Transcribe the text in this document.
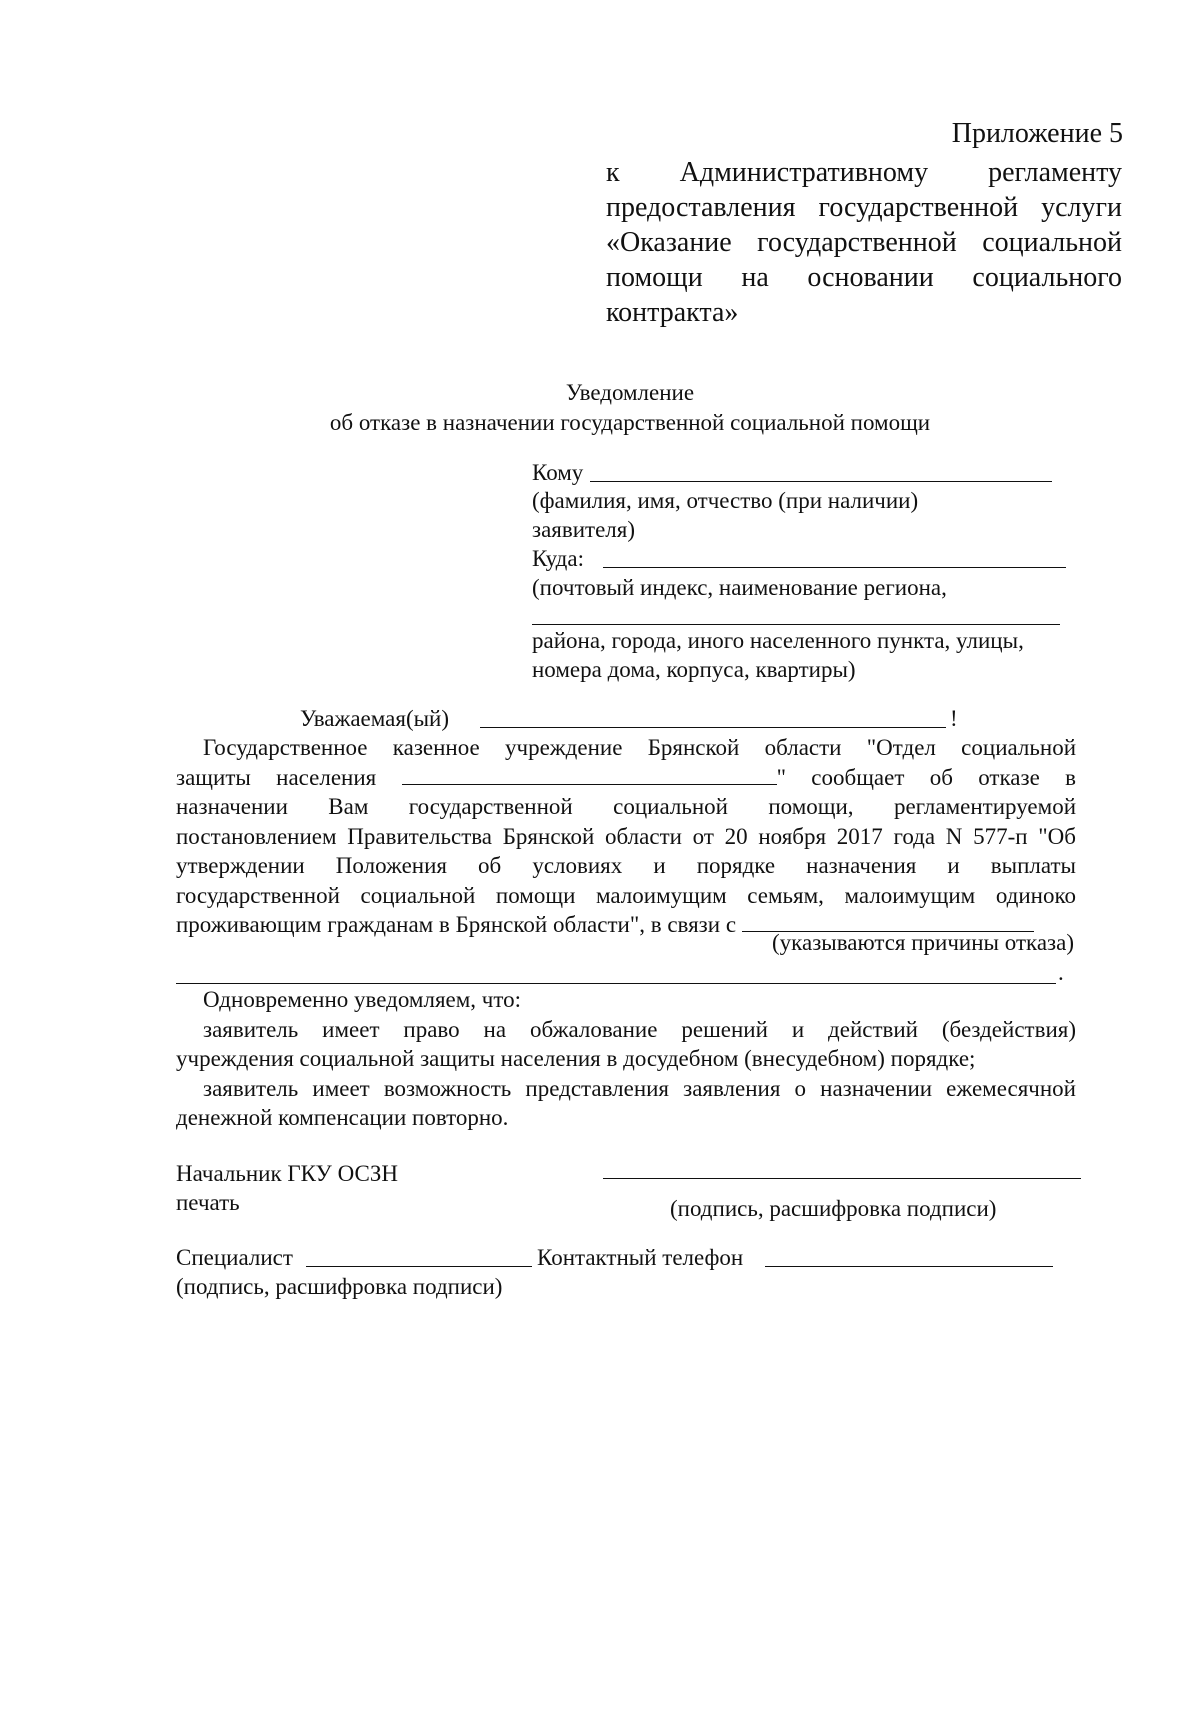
Приложение 5
к Административному регламенту
предоставления государственной услуги
«Оказание государственной социальной
помощи на основании социального
контракта»
Уведомление
об отказе в назначении государственной социальной помощи
Кому
(фамилия, имя, отчество (при наличии)
заявителя)
Куда:
(почтовый индекс, наименование региона,
района, города, иного населенного пункта, улицы,
номера дома, корпуса, квартиры)
Уважаемая(ый)	!
Государственное казенное учреждение Брянской области "Отдел социальной
защиты населения	" сообщает об отказе в
назначении Вам государственной социальной помощи, регламентируемой
постановлением Правительства Брянской области от 20 ноября 2017 года N 577-п "Об
утверждении Положения об условиях и порядке назначения и выплаты
государственной социальной помощи малоимущим семьям, малоимущим одиноко
проживающим гражданам в Брянской области", в связи с
(указываются причины отказа)
.
Одновременно уведомляем, что:
заявитель имеет право на обжалование решений и действий (бездействия)
учреждения социальной защиты населения в досудебном (внесудебном) порядке;
заявитель имеет возможность представления заявления о назначении ежемесячной
денежной компенсации повторно.
Начальник ГКУ ОСЗН
печать	(подпись, расшифровка подписи)
Специалист	Контактный телефон
(подпись, расшифровка подписи)
